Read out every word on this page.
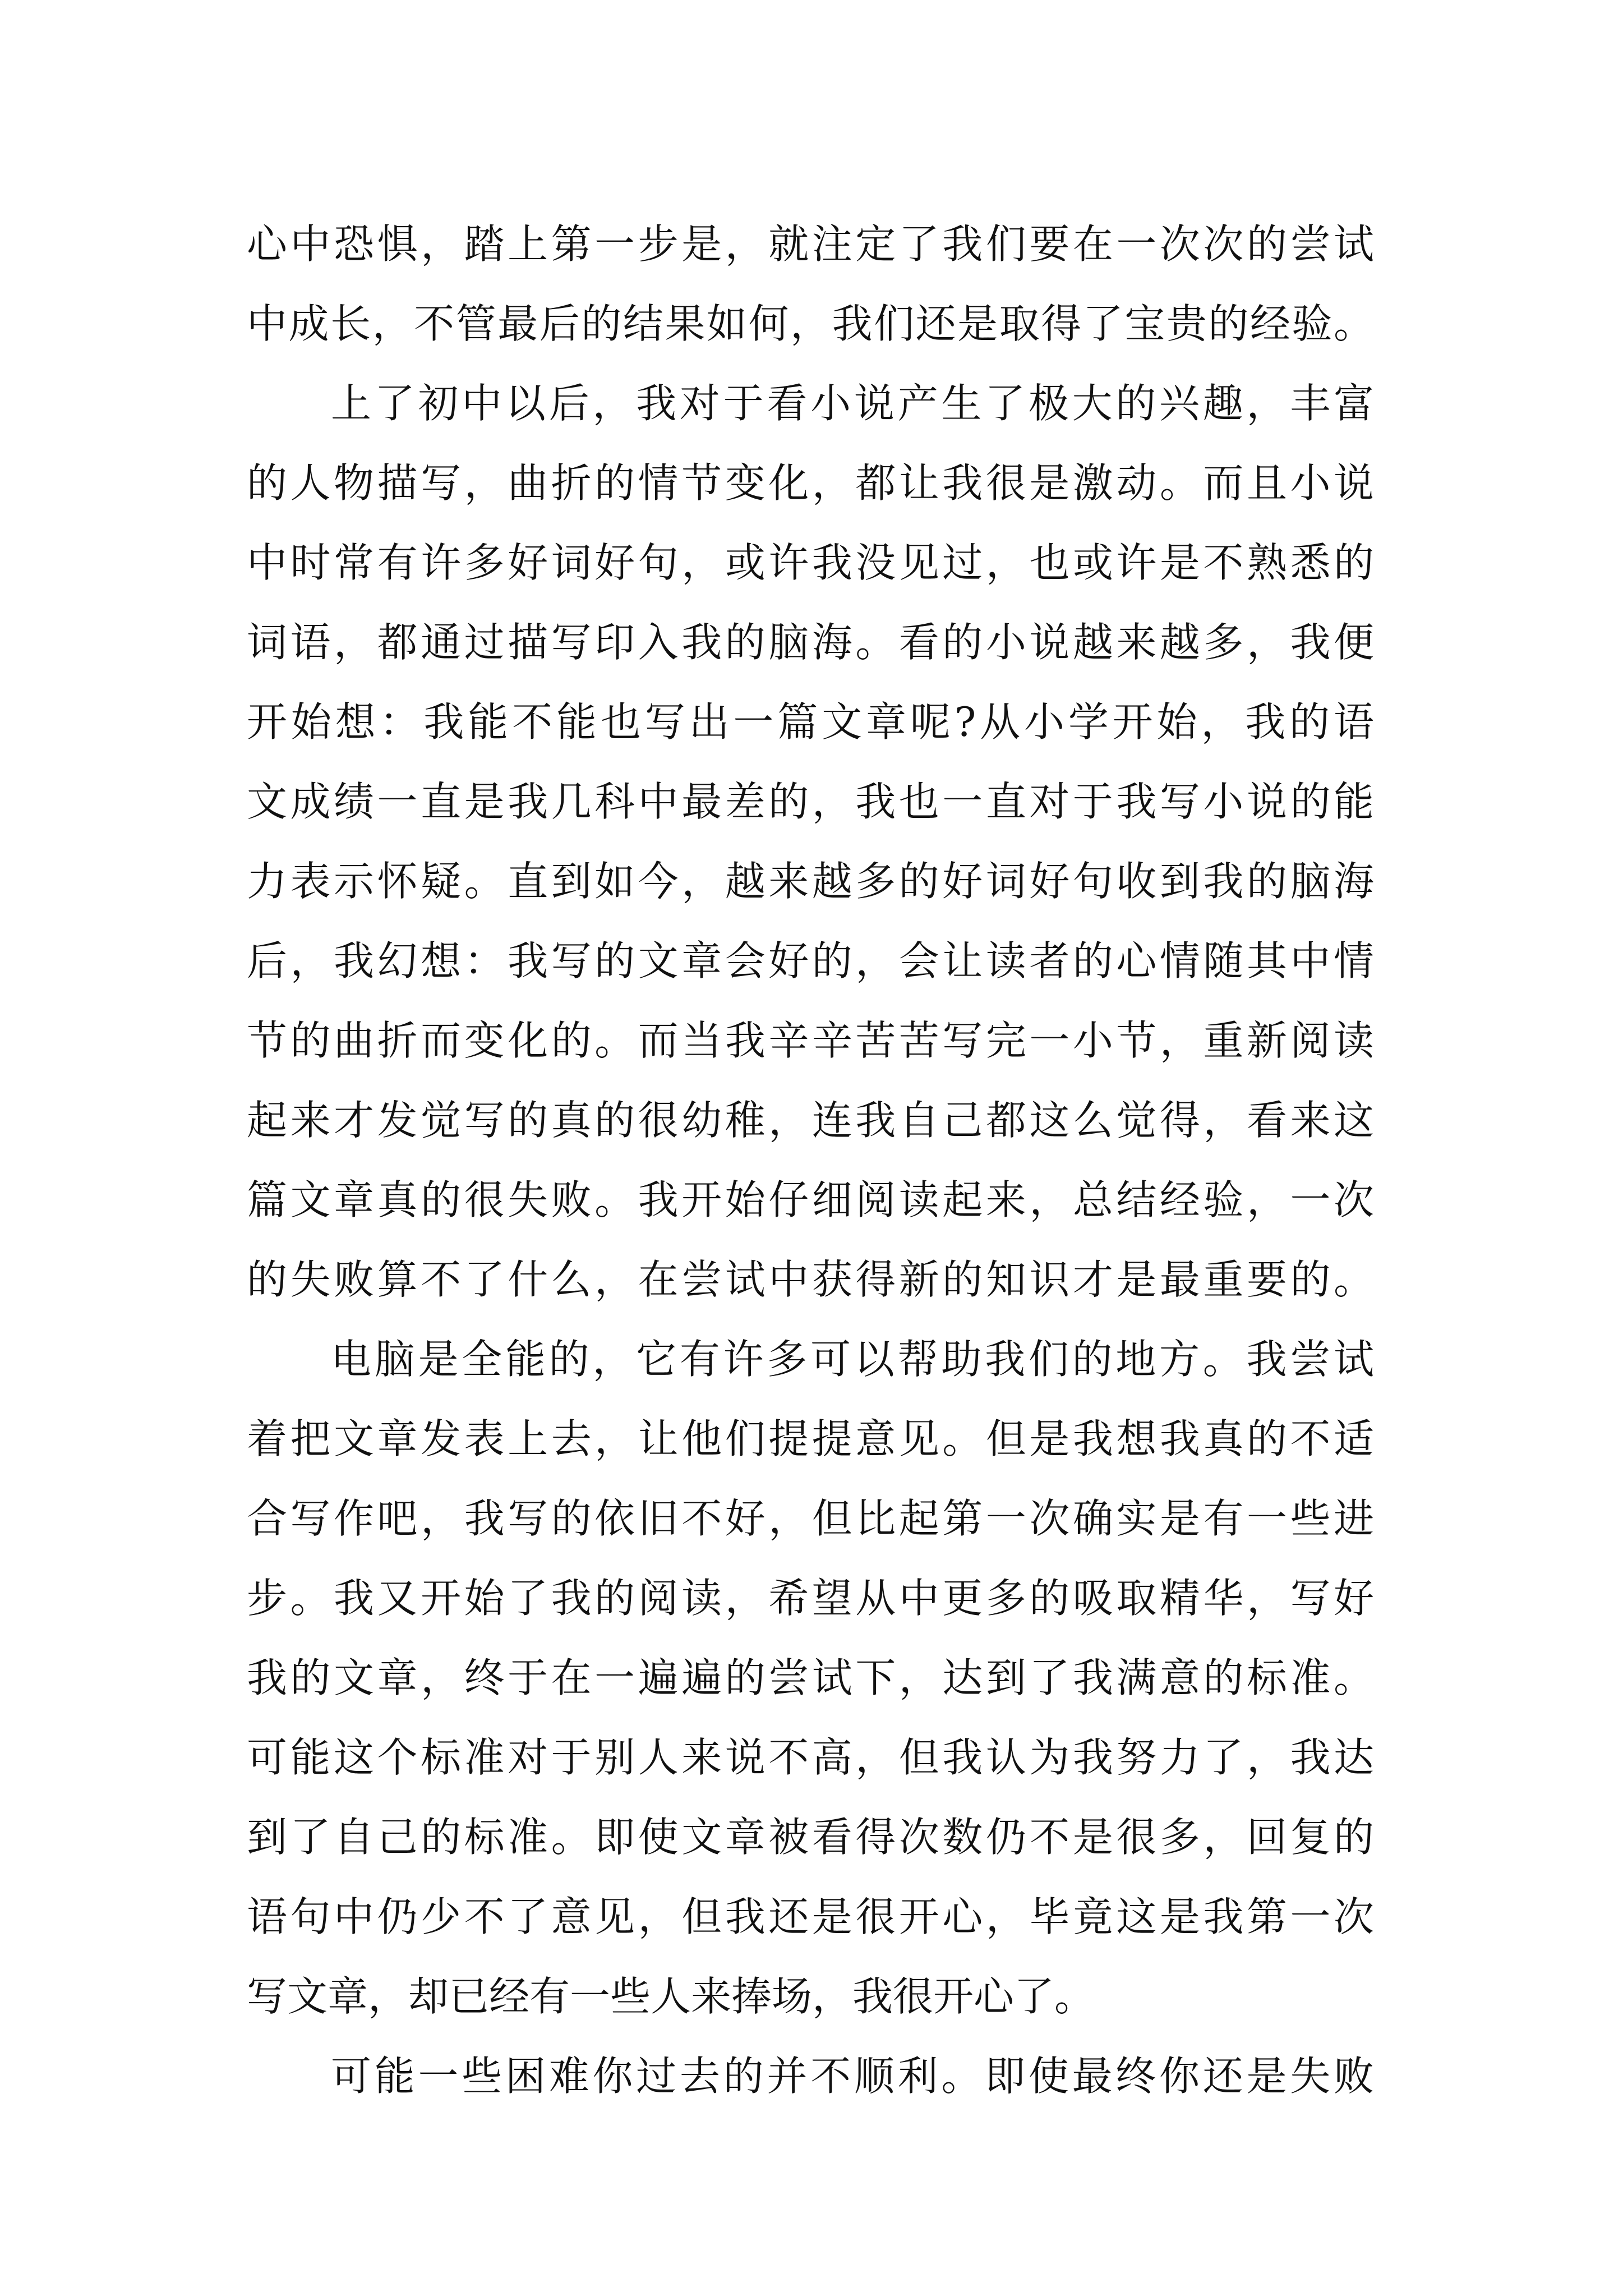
心中恐惧，踏上第一步是，就注定了我们要在一次次的尝试
中成长，不管最后的结果如何，我们还是取得了宝贵的经验。
上了初中以后，我对于看小说产生了极大的兴趣，丰富
的人物描写，曲折的情节变化，都让我很是激动。而且小说
中时常有许多好词好句，或许我没见过，也或许是不熟悉的
词语，都通过描写印入我的脑海。看的小说越来越多，我便
开始想：我能不能也写出一篇文章呢?从小学开始，我的语
文成绩一直是我几科中最差的，我也一直对于我写小说的能
力表示怀疑。直到如今，越来越多的好词好句收到我的脑海
后，我幻想：我写的文章会好的，会让读者的心情随其中情
节的曲折而变化的。而当我辛辛苦苦写完一小节，重新阅读
起来才发觉写的真的很幼稚，连我自己都这么觉得，看来这
篇文章真的很失败。我开始仔细阅读起来，总结经验，一次
的失败算不了什么，在尝试中获得新的知识才是最重要的。
电脑是全能的，它有许多可以帮助我们的地方。我尝试
着把文章发表上去，让他们提提意见。但是我想我真的不适
合写作吧，我写的依旧不好，但比起第一次确实是有一些进
步。我又开始了我的阅读，希望从中更多的吸取精华，写好
我的文章，终于在一遍遍的尝试下，达到了我满意的标准。
可能这个标准对于别人来说不高，但我认为我努力了，我达
到了自己的标准。即使文章被看得次数仍不是很多，回复的
语句中仍少不了意见，但我还是很开心，毕竟这是我第一次
写文章，却已经有一些人来捧场，我很开心了。
可能一些困难你过去的并不顺利。即使最终你还是失败
